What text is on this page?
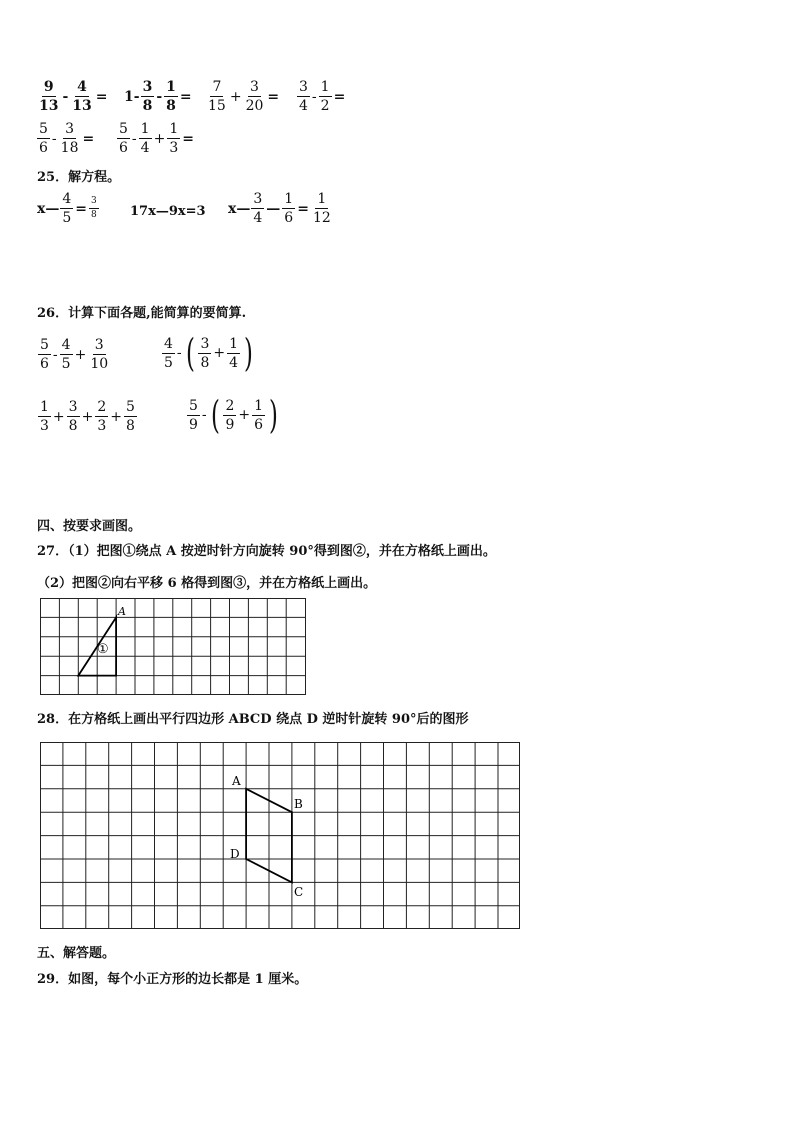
$\frac{9}{13} - \frac{4}{13} = 1- \frac{3}{8} - \frac{1}{8} = \frac{7}{15} + \frac{3}{20} = \frac{3}{4} - \frac{1}{2}$ =
$\frac{5}{6} - \frac{3}{18} = \frac{5}{6} - \frac{1}{4} + \frac{1}{3}$ =
25．解方程。
x— $\frac{4}{5} = \frac{3}{8}$ 17x—9x=3 x— $\frac{3}{4}$ — $\frac{1}{6} = \frac{1}{12}$
26．计算下面各题,能简算的要简算.
$\frac{5}{6} - \frac{4}{5} + \frac{3}{10}$	$\frac{4}{5}$ - ( $\frac{3}{8} + \frac{1}{4}$ )
$\frac{1}{3} + \frac{3}{8} + \frac{2}{3} + \frac{5}{8}$	$\frac{5}{9}$ - ( $\frac{2}{9} + \frac{1}{6}$ )
四、按要求画图。
27．（1）把图①绕点 A 按逆时针方向旋转 90°得到图②，并在方格纸上画出。
（2）把图②向右平移 6 格得到图③，并在方格纸上画出。
A
①
28．在方格纸上画出平行四边形 ABCD 绕点 D 逆时针旋转 90°后的图形
A
B
C
D
五、解答题。
29．如图，每个小正方形的边长都是 1 厘米。
